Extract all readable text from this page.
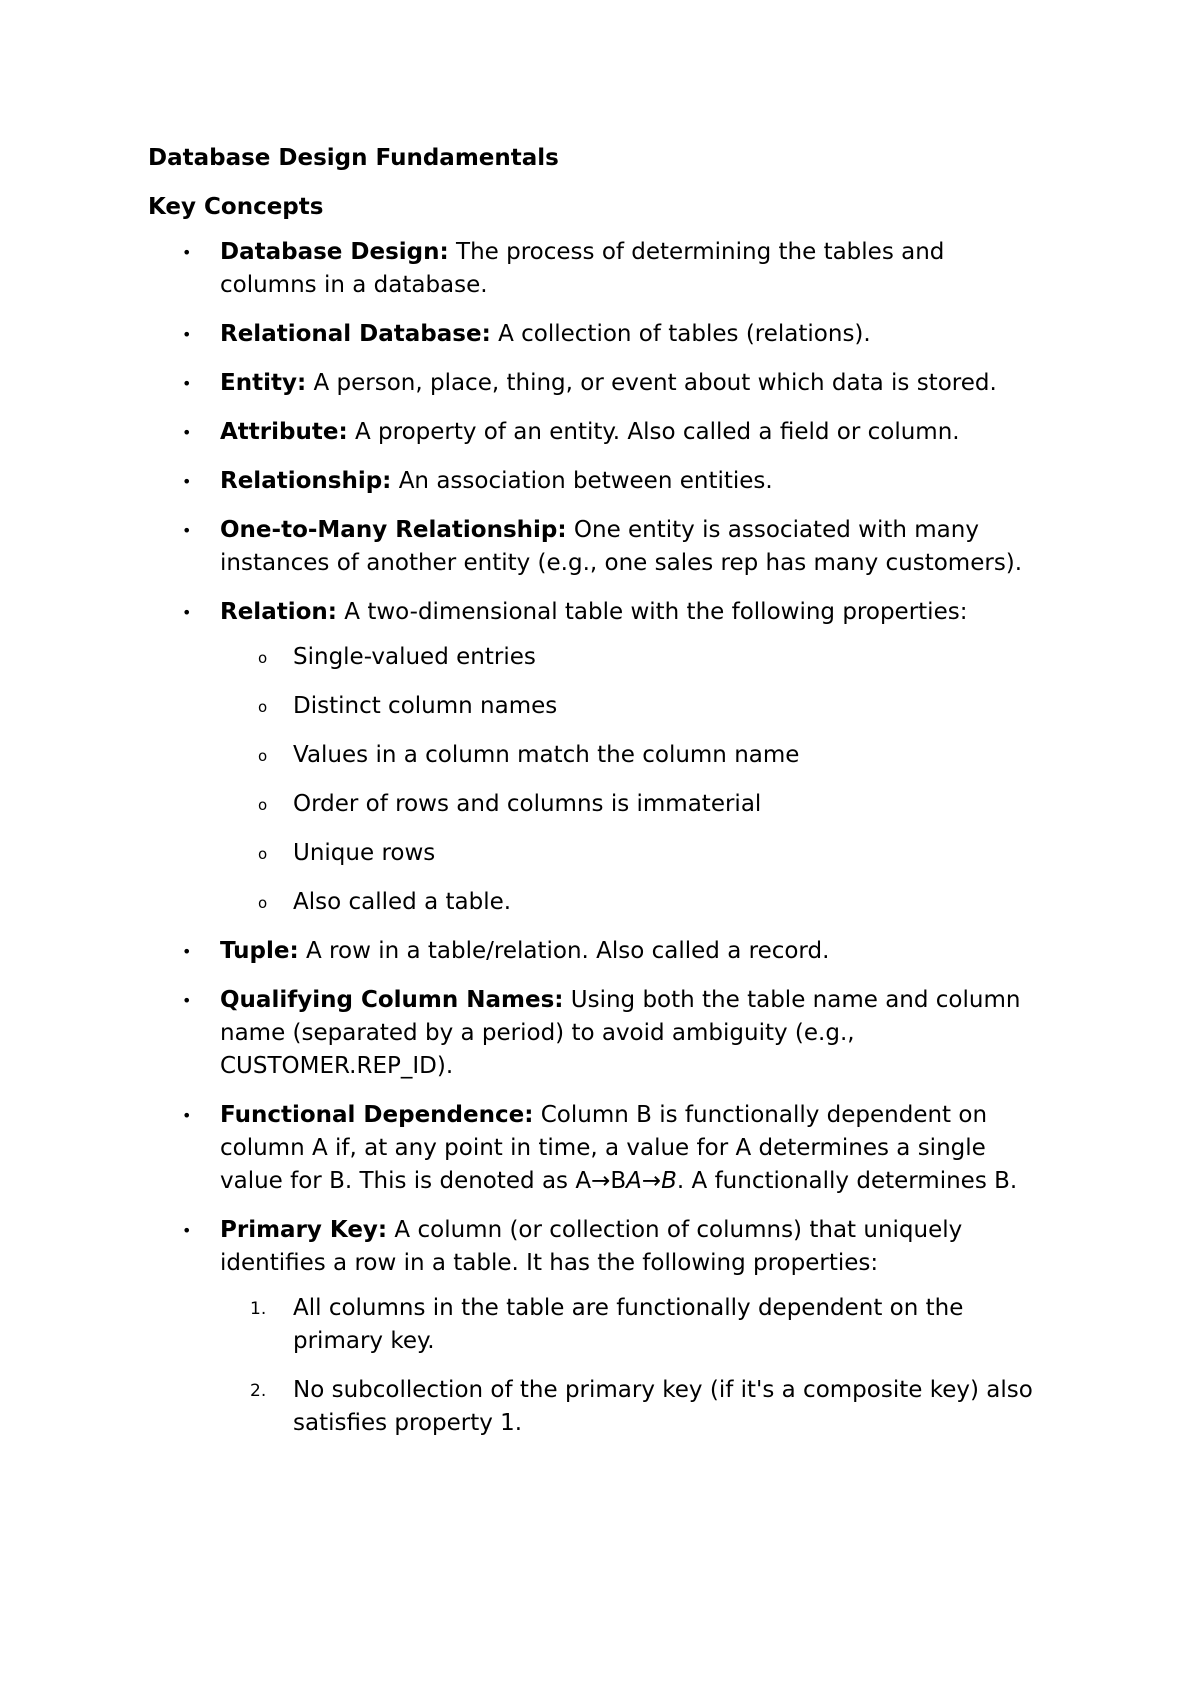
Database Design Fundamentals
Key Concepts
• Database Design: The process of determining the tables and columns in a database.
• Relational Database: A collection of tables (relations).
• Entity: A person, place, thing, or event about which data is stored.
• Attribute: A property of an entity. Also called a field or column.
• Relationship: An association between entities.
• One-to-Many Relationship: One entity is associated with many instances of another entity (e.g., one sales rep has many customers).
• Relation: A two-dimensional table with the following properties:
o Single-valued entries
o Distinct column names
o Values in a column match the column name
o Order of rows and columns is immaterial
o Unique rows
o Also called a table.
• Tuple: A row in a table/relation. Also called a record.
• Qualifying Column Names: Using both the table name and column name (separated by a period) to avoid ambiguity (e.g., CUSTOMER.REP_ID).
• Functional Dependence: Column B is functionally dependent on column A if, at any point in time, a value for A determines a single value for B. This is denoted as A→BA→B. A functionally determines B.
• Primary Key: A column (or collection of columns) that uniquely identifies a row in a table. It has the following properties:
1. All columns in the table are functionally dependent on the primary key.
2. No subcollection of the primary key (if it's a composite key) also satisfies property 1.
